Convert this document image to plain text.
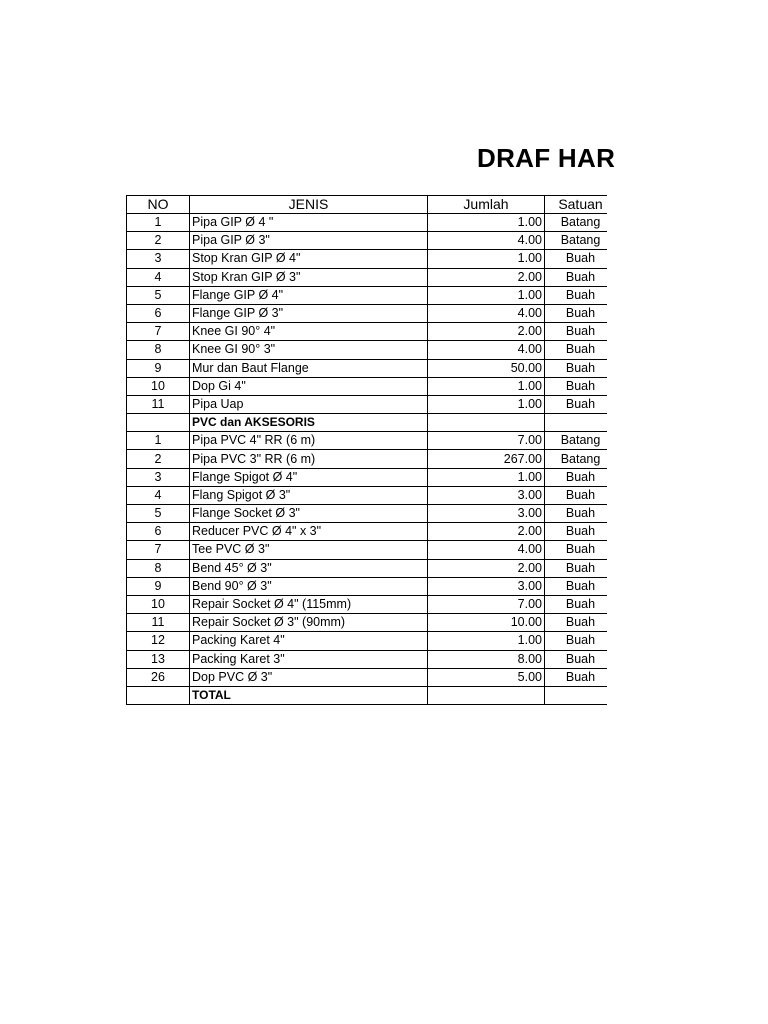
DRAF HAR
NO	JENIS	Jumlah	Satuan
1	Pipa GIP Ø 4 "	1.00	Batang
2	Pipa GIP Ø 3"	4.00	Batang
3	Stop Kran GIP Ø 4"	1.00	Buah
4	Stop Kran GIP Ø 3"	2.00	Buah
5	Flange GIP Ø 4"	1.00	Buah
6	Flange GIP Ø 3"	4.00	Buah
7	Knee GI 90° 4"	2.00	Buah
8	Knee GI 90° 3"	4.00	Buah
9	Mur dan Baut Flange	50.00	Buah
10	Dop Gi 4"	1.00	Buah
11	Pipa Uap	1.00	Buah
	PVC dan AKSESORIS		
1	Pipa PVC 4" RR (6 m)	7.00	Batang
2	Pipa PVC 3" RR (6 m)	267.00	Batang
3	Flange Spigot Ø 4"	1.00	Buah
4	Flang Spigot Ø 3"	3.00	Buah
5	Flange Socket Ø 3"	3.00	Buah
6	Reducer PVC Ø 4" x 3"	2.00	Buah
7	Tee PVC Ø 3"	4.00	Buah
8	Bend 45° Ø 3"	2.00	Buah
9	Bend 90° Ø 3"	3.00	Buah
10	Repair Socket Ø 4" (115mm)	7.00	Buah
11	Repair Socket Ø 3" (90mm)	10.00	Buah
12	Packing Karet 4"	1.00	Buah
13	Packing Karet 3"	8.00	Buah
26	Dop PVC Ø 3"	5.00	Buah
	TOTAL		
